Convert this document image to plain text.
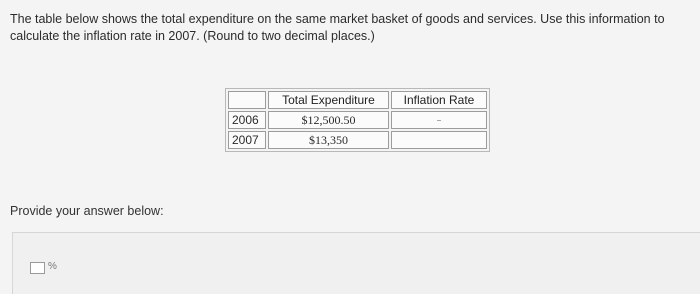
The table below shows the total expenditure on the same market basket of goods and services. Use this information to calculate the inflation rate in 2007. (Round to two decimal places.)
	Total Expenditure	Inflation Rate
2006	$12,500.50	
2007	$13,350	
Provide your answer below:
%
